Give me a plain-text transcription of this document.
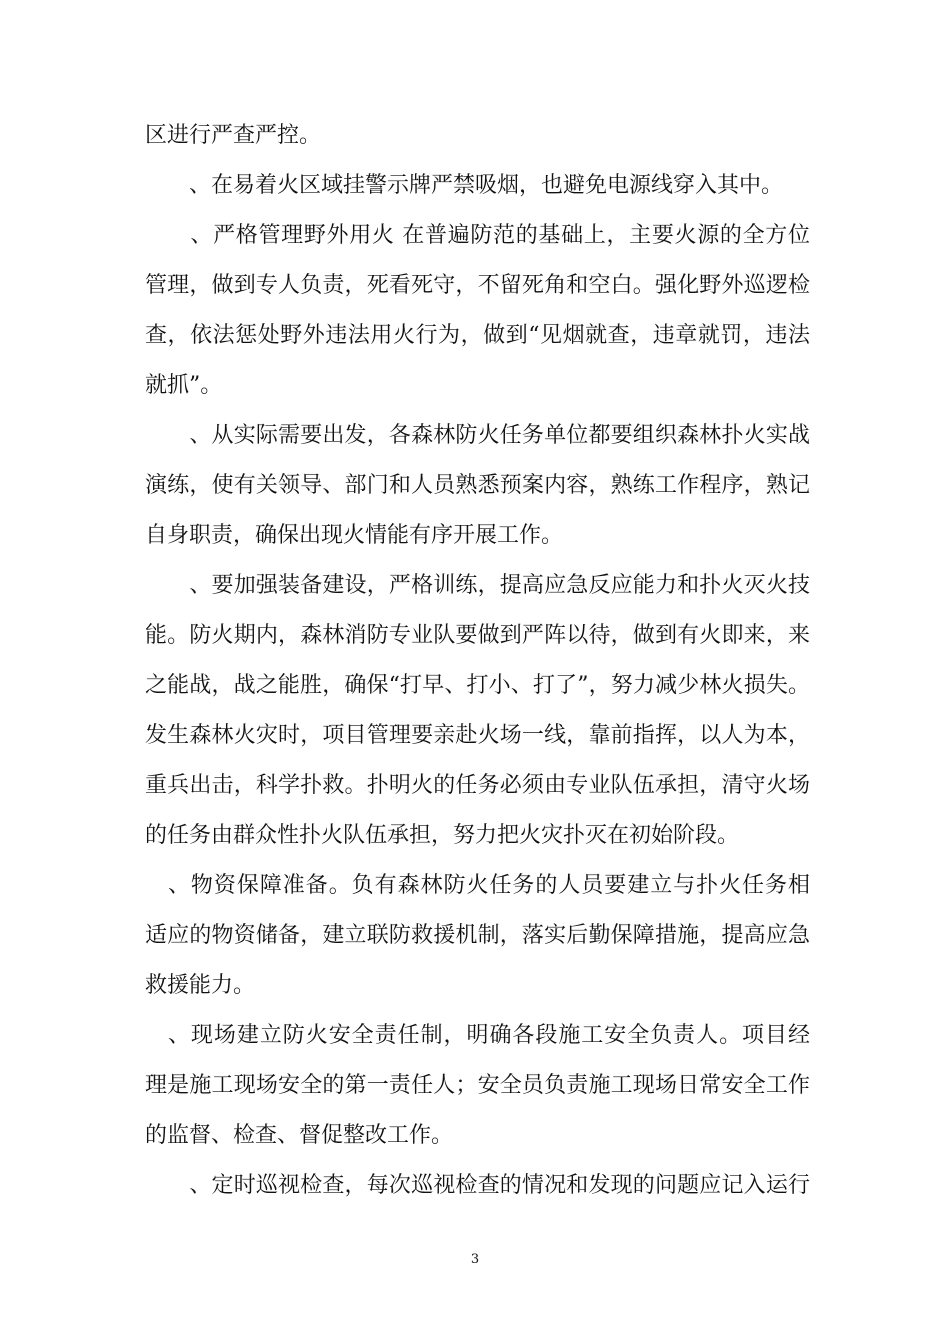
区进行严查严控。
　　、在易着火区域挂警示牌严禁吸烟，也避免电源线穿入其中。
　　、严格管理野外用火 在普遍防范的基础上，主要火源的全方位
管理，做到专人负责，死看死守，不留死角和空白。强化野外巡逻检
查，依法惩处野外违法用火行为，做到“见烟就查，违章就罚，违法
就抓”。
　　、从实际需要出发，各森林防火任务单位都要组织森林扑火实战
演练，使有关领导、部门和人员熟悉预案内容，熟练工作程序，熟记
自身职责，确保出现火情能有序开展工作。
　　、要加强装备建设，严格训练，提高应急反应能力和扑火灭火技
能。防火期内，森林消防专业队要做到严阵以待，做到有火即来，来
之能战，战之能胜，确保“打早、打小、打了”，努力减少林火损失。
发生森林火灾时，项目管理要亲赴火场一线，靠前指挥，以人为本，
重兵出击，科学扑救。扑明火的任务必须由专业队伍承担，清守火场
的任务由群众性扑火队伍承担，努力把火灾扑灭在初始阶段。
　、物资保障准备。负有森林防火任务的人员要建立与扑火任务相
适应的物资储备，建立联防救援机制，落实后勤保障措施，提高应急
救援能力。
　、现场建立防火安全责任制，明确各段施工安全负责人。项目经
理是施工现场安全的第一责任人；安全员负责施工现场日常安全工作
的监督、检查、督促整改工作。
　　、定时巡视检查，每次巡视检查的情况和发现的问题应记入运行
3
